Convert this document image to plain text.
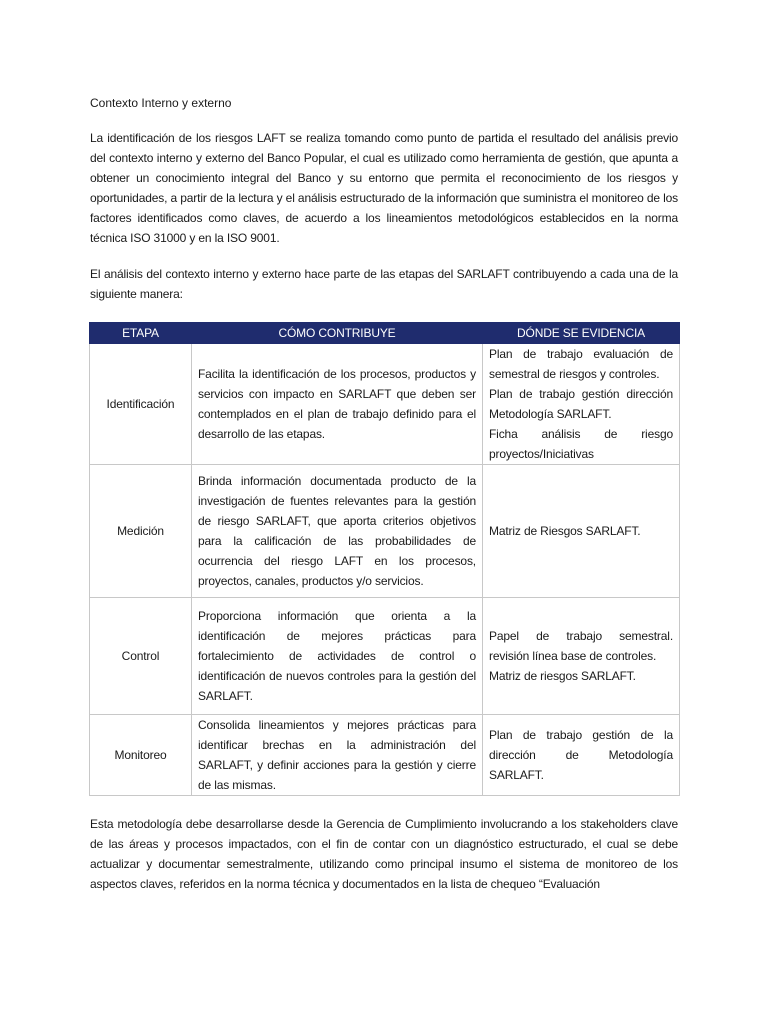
Contexto Interno y externo

La identificación de los riesgos LAFT se realiza tomando como punto de partida el resultado del análisis previo del contexto interno y externo del Banco Popular, el cual es utilizado como herramienta de gestión, que apunta a obtener un conocimiento integral del Banco y su entorno que permita el reconocimiento de los riesgos y oportunidades, a partir de la lectura y el análisis estructurado de la información que suministra el monitoreo de los factores identificados como claves, de acuerdo a los lineamientos metodológicos establecidos en la norma técnica ISO 31000 y en la ISO 9001.

El análisis del contexto interno y externo hace parte de las etapas del SARLAFT contribuyendo a cada una de la siguiente manera:

ETAPA	CÓMO CONTRIBUYE	DÓNDE SE EVIDENCIA
Identificación	Facilita la identificación de los procesos, productos y servicios con impacto en SARLAFT que deben ser contemplados en el plan de trabajo definido para el desarrollo de las etapas.	Plan de trabajo evaluación de semestral de riesgos y controles.
Plan de trabajo gestión dirección Metodología SARLAFT.
Ficha análisis de riesgo proyectos/Iniciativas

Medición	Brinda información documentada producto de la investigación de fuentes relevantes para la gestión de riesgo SARLAFT, que aporta criterios objetivos para la calificación de las probabilidades de ocurrencia del riesgo LAFT en los procesos, proyectos, canales, productos y/o servicios.	Matriz de Riesgos SARLAFT.

Control	Proporciona información que orienta a la identificación de mejores prácticas para fortalecimiento de actividades de control o identificación de nuevos controles para la gestión del SARLAFT.	Papel de trabajo semestral. revisión línea base de controles.
Matriz de riesgos SARLAFT.

Monitoreo	Consolida lineamientos y mejores prácticas para identificar brechas en la administración del SARLAFT, y definir acciones para la gestión y cierre de las mismas.	Plan de trabajo gestión de la dirección de Metodología SARLAFT.

Esta metodología debe desarrollarse desde la Gerencia de Cumplimiento involucrando a los stakeholders clave de las áreas y procesos impactados, con el fin de contar con un diagnóstico estructurado, el cual se debe actualizar y documentar semestralmente, utilizando como principal insumo el sistema de monitoreo de los aspectos claves, referidos en la norma técnica y documentados en la lista de chequeo “Evaluación
